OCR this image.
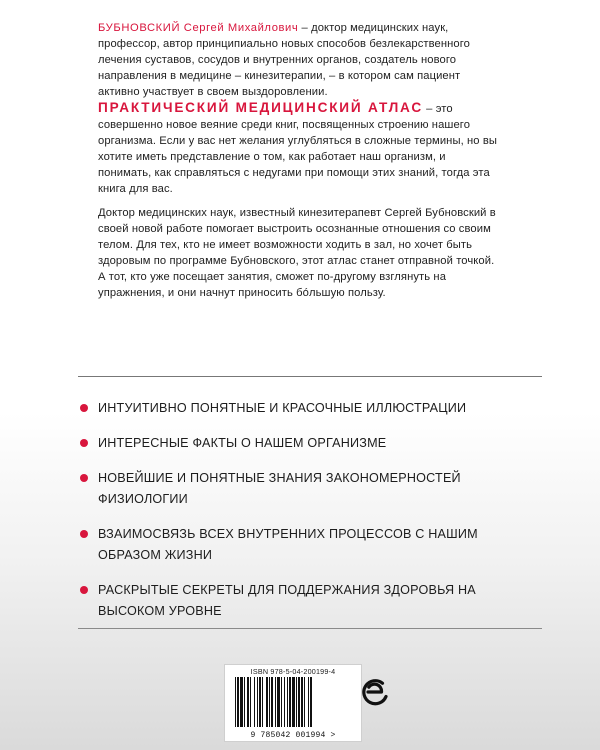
БУБНОВСКИЙ Сергей Михайлович – доктор медицинских наук, профессор, автор принципиально новых способов безлекарственного лечения суставов, сосудов и внутренних органов, создатель нового направления в медицине – кинезитерапии, – в котором сам пациент активно участвует в своем выздоровлении.

ПРАКТИЧЕСКИЙ МЕДИЦИНСКИЙ АТЛАС – это совершенно новое веяние среди книг, посвященных строению нашего организма. Если у вас нет желания углубляться в сложные термины, но вы хотите иметь представление о том, как работает наш организм, и понимать, как справляться с недугами при помощи этих знаний, тогда эта книга для вас.

Доктор медицинских наук, известный кинезитерапевт Сергей Бубновский в своей новой работе помогает выстроить осознанные отношения со своим телом. Для тех, кто не имеет возможности ходить в зал, но хочет быть здоровым по программе Бубновского, этот атлас станет отправной точкой. А тот, кто уже посещает занятия, сможет по-другому взглянуть на упражнения, и они начнут приносить бо́льшую пользу.

ИНТУИТИВНО ПОНЯТНЫЕ И КРАСОЧНЫЕ ИЛЛЮСТРАЦИИ
ИНТЕРЕСНЫЕ ФАКТЫ О НАШЕМ ОРГАНИЗМЕ
НОВЕЙШИЕ И ПОНЯТНЫЕ ЗНАНИЯ ЗАКОНОМЕРНОСТЕЙ ФИЗИОЛОГИИ
ВЗАИМОСВЯЗЬ ВСЕХ ВНУТРЕННИХ ПРОЦЕССОВ С НАШИМ ОБРАЗОМ ЖИЗНИ
РАСКРЫТЫЕ СЕКРЕТЫ ДЛЯ ПОДДЕРЖАНИЯ ЗДОРОВЬЯ НА ВЫСОКОМ УРОВНЕ
ISBN 978-5-04-200199-4
9 785042 001994 >
